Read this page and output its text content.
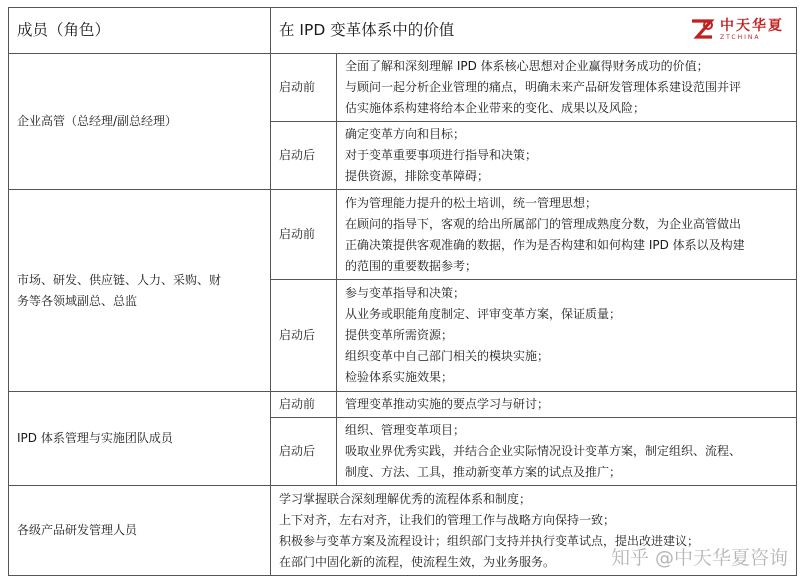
成员（角色）	在 IPD 变革体系中的价值 中天华夏
ZTCHINA	

企业高管（总经理/副总经理）	启动前	全面了解和深刻理解 IPD 体系核心思想对企业赢得财务成功的价值；
与顾问一起分析企业管理的痛点，明确未来产品研发管理体系建设范围并评
估实施体系构建将给本企业带来的变化、成果以及风险；

	启动后	确定变革方向和目标；
对于变革重要事项进行指导和决策；
提供资源，排除变革障碍；

市场、研发、供应链、人力、采购、财务等各领域副总、总监	启动前	作为管理能力提升的松土培训，统一管理思想；
在顾问的指导下，客观的给出所属部门的管理成熟度分数，为企业高管做出
正确决策提供客观准确的数据，作为是否构建和如何构建 IPD 体系以及构建
的范围的重要数据参考；

	启动后	参与变革指导和决策；
从业务或职能角度制定、评审变革方案，保证质量；
提供变革所需资源；
组织变革中自己部门相关的模块实施；
检验体系实施效果；

IPD 体系管理与实施团队成员	启动前	管理变革推动实施的要点学习与研讨；

	启动后	组织、管理变革项目；
吸取业界优秀实践，并结合企业实际情况设计变革方案，制定组织、流程、
制度、方法、工具，推动新变革方案的试点及推广；

各级产品研发管理人员	学习掌握联合深刻理解优秀的流程体系和制度；
上下对齐，左右对齐，让我们的管理工作与战略方向保持一致；
积极参与变革方案及流程设计；组织部门支持并执行变革试点，提出改进建议；
在部门中固化新的流程，使流程生效，为业务服务。		知乎 @中天华夏咨询
